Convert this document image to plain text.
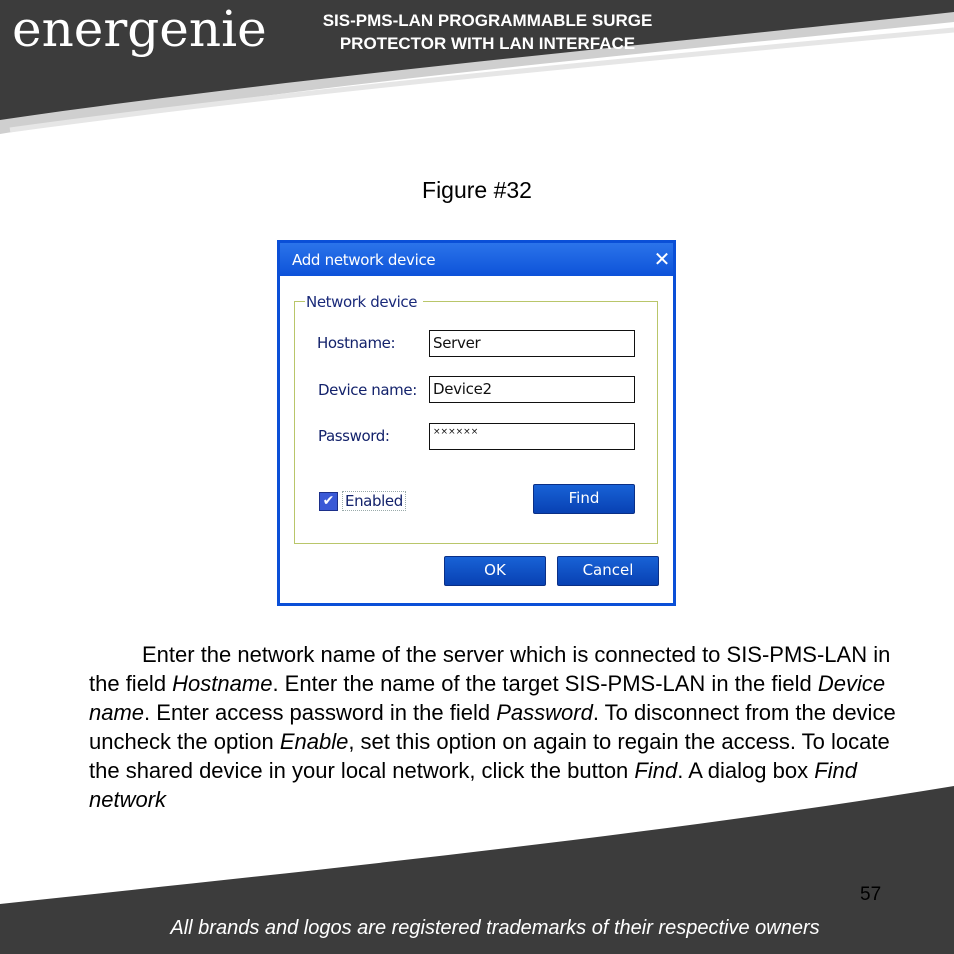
energenie	SIS-PMS-LAN PROGRAMMABLE SURGE
PROTECTOR WITH LAN INTERFACE
Figure #32
Add network device	✕
Network device
Hostname:	Server
Device name: Device2
Password:	××××××
✔ Enabled	Find
OK	Cancel

Enter the network name of the server which is connected to SIS-PMS-LAN in the field Hostname. Enter the name of the target SIS-PMS-LAN in the field Device name. Enter access password in the field Password. To disconnect from the device uncheck the option Enable, set this option on again to regain the access. To locate the shared device in your local network, click the button Find. A dialog box Find network

57
All brands and logos are registered trademarks of their respective owners
